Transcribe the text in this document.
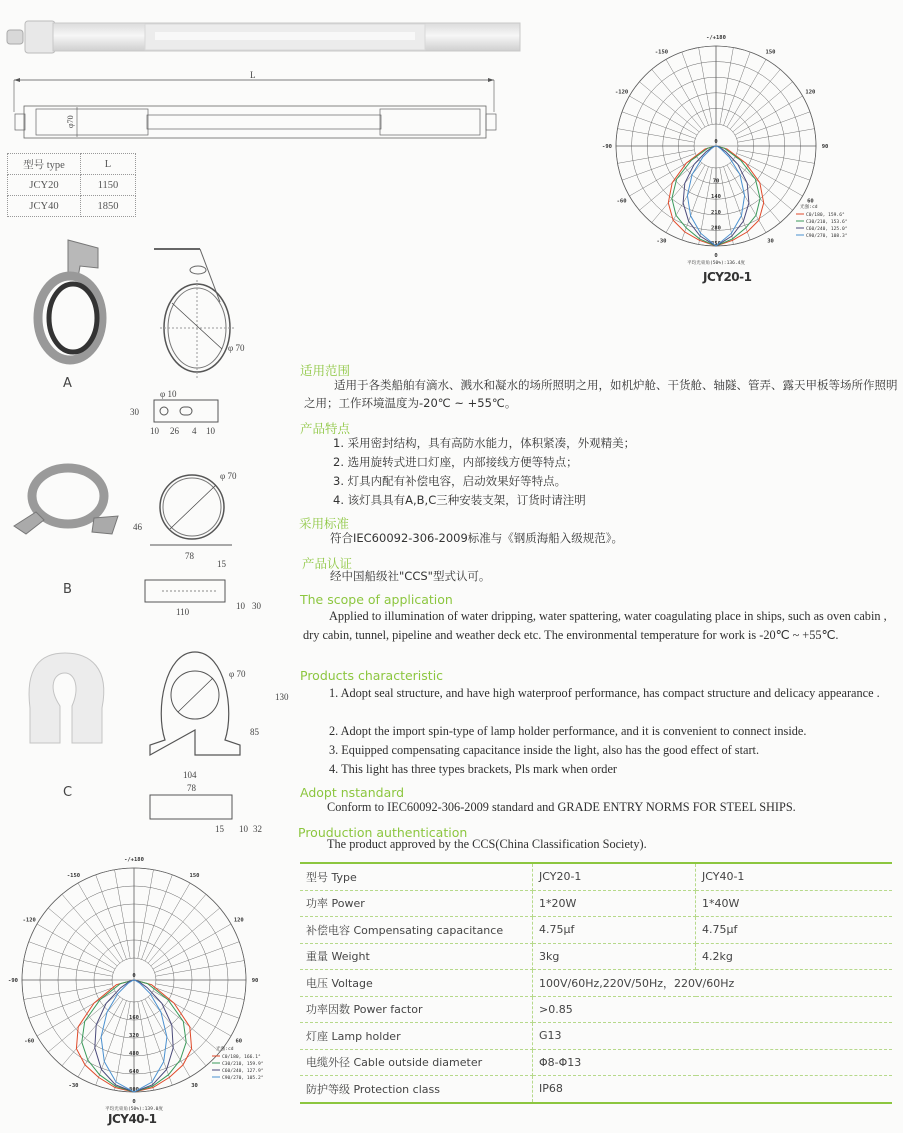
L
φ70
型号 type	L
JCY20	1150
JCY40	1850
A
φ 70
φ 10
30
10 26 4 10
B
φ 70
46
78
15
110
10 30
C
φ 70
130
85
104
78
15 10 32
0
70
140
210
280
350
-/+180
150
120
90
60
30
0
-30
-60
-90
-120
-150
C0/180, 159.6°
C30/210, 153.6°
C60/240, 125.0°
C90/270, 108.3°
光强:cd
平均光束角(50%):136.4度
JCY20-1
0
160
320
480
640
800
-/+180
150
120
90
60
30
0
-30
-60
-90
-120
-150
C0/180, 166.1°
C30/210, 159.9°
C60/240, 127.9°
C90/270, 105.2°
光强:cd
平均光束角(50%):139.0度
JCY40-1
适用范围
适用于各类船舶有滴水、溅水和凝水的场所照明之用，如机炉舱、干货舱、轴隧、管弄、露天甲板等场所作照明之用；工作环境温度为-20℃ ~ +55℃。
产品特点
1. 采用密封结构，具有高防水能力，体积紧凑，外观精美；
2. 选用旋转式进口灯座，内部接线方便等特点；
3. 灯具内配有补偿电容，启动效果好等特点。
4. 该灯具具有A,B,C三种安装支架，订货时请注明
采用标准
符合IEC60092-306-2009标准与《钢质海船入级规范》。
产品认证
经中国船级社"CCS"型式认可。
The scope of application
Applied to illumination of water dripping, water spattering, water coagulating place in ships, such as oven cabin , dry cabin, tunnel, pipeline and weather deck etc. The environmental temperature for work is -20℃ ~ +55℃.
Products characteristic
1. Adopt seal structure, and have high waterproof performance, has compact structure and delicacy appearance .
2. Adopt the import spin-type of lamp holder performance, and it is convenient to connect inside.
3. Equipped compensating capacitance inside the light, also has the good effect of start.
4. This light has three types brackets, Pls mark when order
Adopt nstandard
Conform to IEC60092-306-2009 standard and GRADE ENTRY NORMS FOR STEEL SHIPS.
Prouduction authentication
The product approved by the CCS(China Classification Society).
型号 Type	JCY20-1	JCY40-1
功率 Power	1*20W	1*40W
补偿电容 Compensating capacitance	4.75μf	4.75μf
重量 Weight	3kg	4.2kg
电压 Voltage	100V/60Hz,220V/50Hz，220V/60Hz	
功率因数 Power factor	>0.85	
灯座 Lamp holder	G13	
电缆外径 Cable outside diameter	Φ8-Φ13	
防护等级 Protection class	IP68	
